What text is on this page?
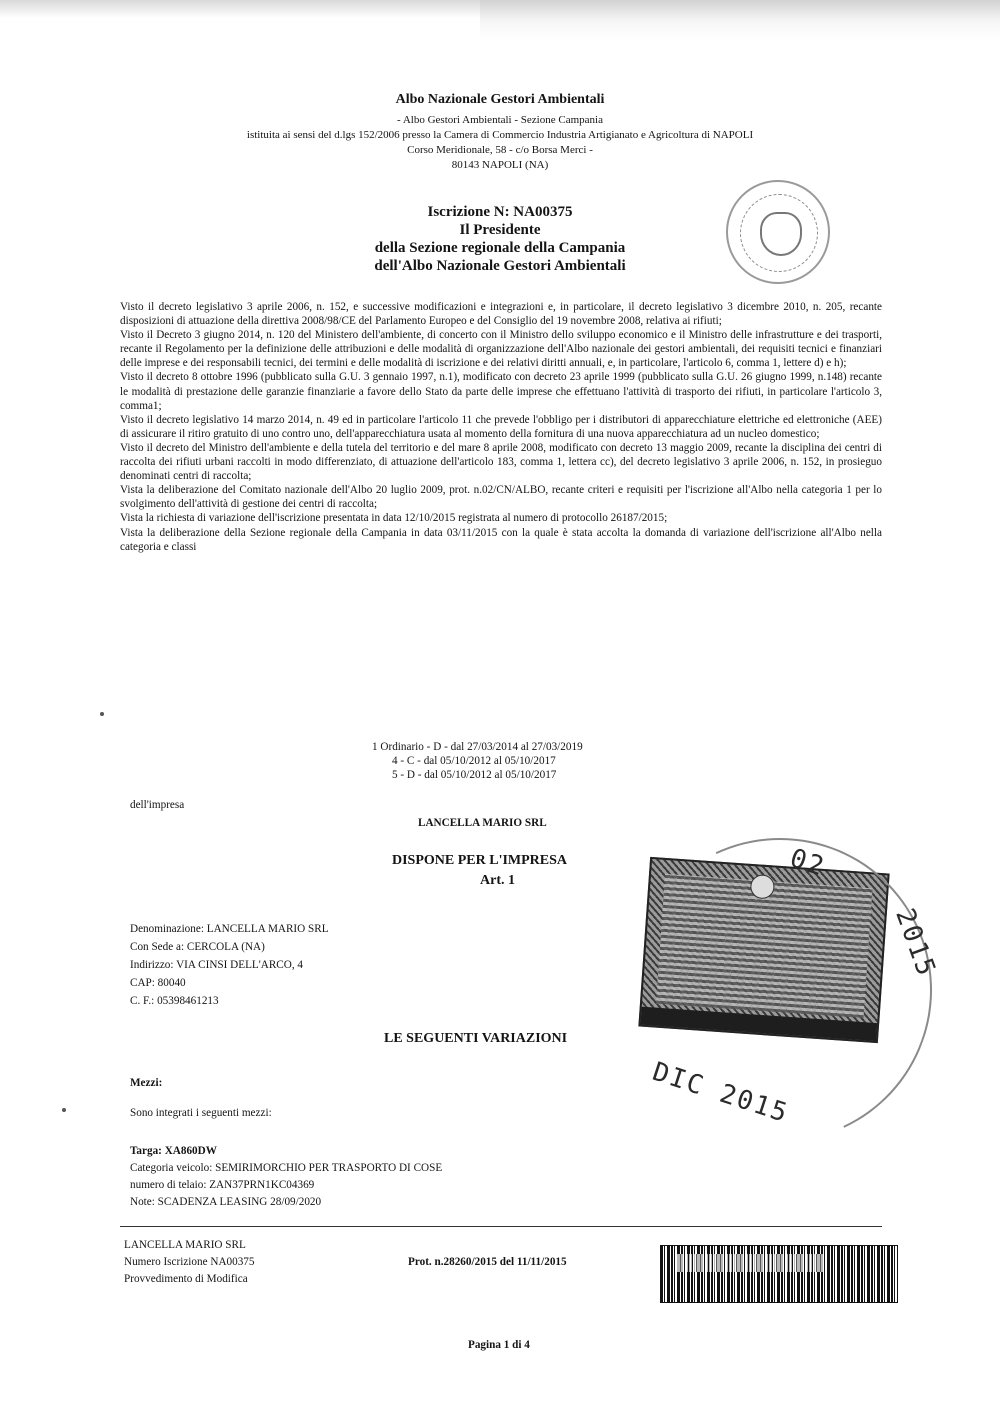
Albo Nazionale Gestori Ambientali
- Albo Gestori Ambientali - Sezione Campania
istituita ai sensi del d.lgs 152/2006 presso la Camera di Commercio Industria Artigianato e Agricoltura di NAPOLI
Corso Meridionale, 58 - c/o Borsa Merci -
80143 NAPOLI (NA)
Iscrizione N: NA00375
Il Presidente
della Sezione regionale della Campania
dell'Albo Nazionale Gestori Ambientali

Visto il decreto legislativo 3 aprile 2006, n. 152, e successive modificazioni e integrazioni e, in particolare, il decreto legislativo 3 dicembre 2010, n. 205, recante disposizioni di attuazione della direttiva 2008/98/CE del Parlamento Europeo e del Consiglio del 19 novembre 2008, relativa ai rifiuti;

Visto il Decreto 3 giugno 2014, n. 120 del Ministero dell'ambiente, di concerto con il Ministro dello sviluppo economico e il Ministro delle infrastrutture e dei trasporti, recante il Regolamento per la definizione delle attribuzioni e delle modalità di organizzazione dell'Albo nazionale dei gestori ambientali, dei requisiti tecnici e finanziari delle imprese e dei responsabili tecnici, dei termini e delle modalità di iscrizione e dei relativi diritti annuali, e, in particolare, l'articolo 6, comma 1, lettere d) e h);

Visto il decreto 8 ottobre 1996 (pubblicato sulla G.U. 3 gennaio 1997, n.1), modificato con decreto 23 aprile 1999 (pubblicato sulla G.U. 26 giugno 1999, n.148) recante le modalità di prestazione delle garanzie finanziarie a favore dello Stato da parte delle imprese che effettuano l'attività di trasporto dei rifiuti, in particolare l'articolo 3, comma1;

Visto il decreto legislativo 14 marzo 2014, n. 49 ed in particolare l'articolo 11 che prevede l'obbligo per i distributori di apparecchiature elettriche ed elettroniche (AEE) di assicurare il ritiro gratuito di uno contro uno, dell'apparecchiatura usata al momento della fornitura di una nuova apparecchiatura ad un nucleo domestico;

Visto il decreto del Ministro dell'ambiente e della tutela del territorio e del mare 8 aprile 2008, modificato con decreto 13 maggio 2009, recante la disciplina dei centri di raccolta dei rifiuti urbani raccolti in modo differenziato, di attuazione dell'articolo 183, comma 1, lettera cc), del decreto legislativo 3 aprile 2006, n. 152, in prosieguo denominati centri di raccolta;

Vista la deliberazione del Comitato nazionale dell'Albo 20 luglio 2009, prot. n.02/CN/ALBO, recante criteri e requisiti per l'iscrizione all'Albo nella categoria 1 per lo svolgimento dell'attività di gestione dei centri di raccolta;

Vista la richiesta di variazione dell'iscrizione presentata in data 12/10/2015 registrata al numero di protocollo 26187/2015;

Vista la deliberazione della Sezione regionale della Campania in data 03/11/2015 con la quale è stata accolta la domanda di variazione dell'iscrizione all'Albo nella categoria e classi

1 Ordinario - D - dal 27/03/2014 al 27/03/2019
4 - C - dal 05/10/2012 al 05/10/2017
5 - D - dal 05/10/2012 al 05/10/2017
dell'impresa
LANCELLA MARIO SRL
DISPONE PER L'IMPRESA
Art. 1
Denominazione: LANCELLA MARIO SRL
Con Sede a: CERCOLA (NA)
Indirizzo: VIA CINSI DELL'ARCO, 4
CAP: 80040
C. F.: 05398461213
LE SEGUENTI VARIAZIONI
02
2015
DIC 2015
Mezzi:
Sono integrati i seguenti mezzi:
Targa: XA860DW
Categoria veicolo: SEMIRIMORCHIO PER TRASPORTO DI COSE
numero di telaio: ZAN37PRN1KC04369
Note: SCADENZA LEASING 28/09/2020
LANCELLA MARIO SRL
Numero Iscrizione NA00375
Provvedimento di Modifica
Prot. n.28260/2015 del 11/11/2015
Pagina 1 di 4
